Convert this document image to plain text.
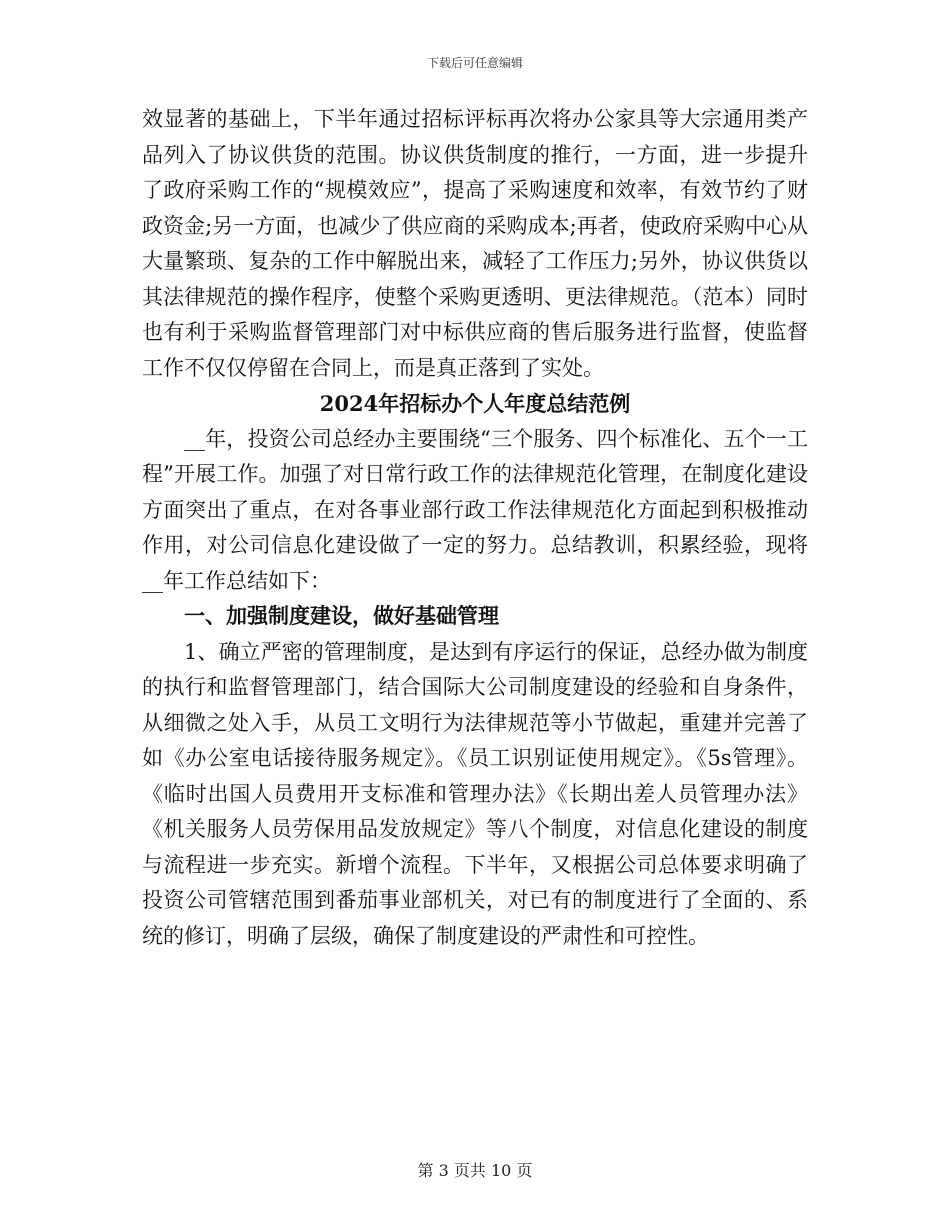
下载后可任意编辑

效显著的基础上，下半年通过招标评标再次将办公家具等大宗通用类产品列入了协议供货的范围。协议供货制度的推行，一方面，进一步提升了政府采购工作的“规模效应”，提高了采购速度和效率，有效节约了财政资金;另一方面，也减少了供应商的采购成本;再者，使政府采购中心从大量繁琐、复杂的工作中解脱出来，减轻了工作压力;另外，协议供货以其法律规范的操作程序，使整个采购更透明、更法律规范。（范本）同时也有利于采购监督管理部门对中标供应商的售后服务进行监督，使监督工作不仅仅停留在合同上，而是真正落到了实处。

2024年招标办个人年度总结范例

__年，投资公司总经办主要围绕“三个服务、四个标准化、五个一工程”开展工作。加强了对日常行政工作的法律规范化管理，在制度化建设方面突出了重点，在对各事业部行政工作法律规范化方面起到积极推动作用，对公司信息化建设做了一定的努力。总结教训，积累经验，现将__年工作总结如下：

一、加强制度建设，做好基础管理

1、确立严密的管理制度，是达到有序运行的保证，总经办做为制度的执行和监督管理部门，结合国际大公司制度建设的经验和自身条件，从细微之处入手，从员工文明行为法律规范等小节做起，重建并完善了如《办公室电话接待服务规定》。《员工识别证使用规定》。《5s管理》。《临时出国人员费用开支标准和管理办法》《长期出差人员管理办法》《机关服务人员劳保用品发放规定》等八个制度，对信息化建设的制度与流程进一步充实。新增个流程。下半年，又根据公司总体要求明确了投资公司管辖范围到番茄事业部机关，对已有的制度进行了全面的、系统的修订，明确了层级，确保了制度建设的严肃性和可控性。

第 3 页共 10 页
